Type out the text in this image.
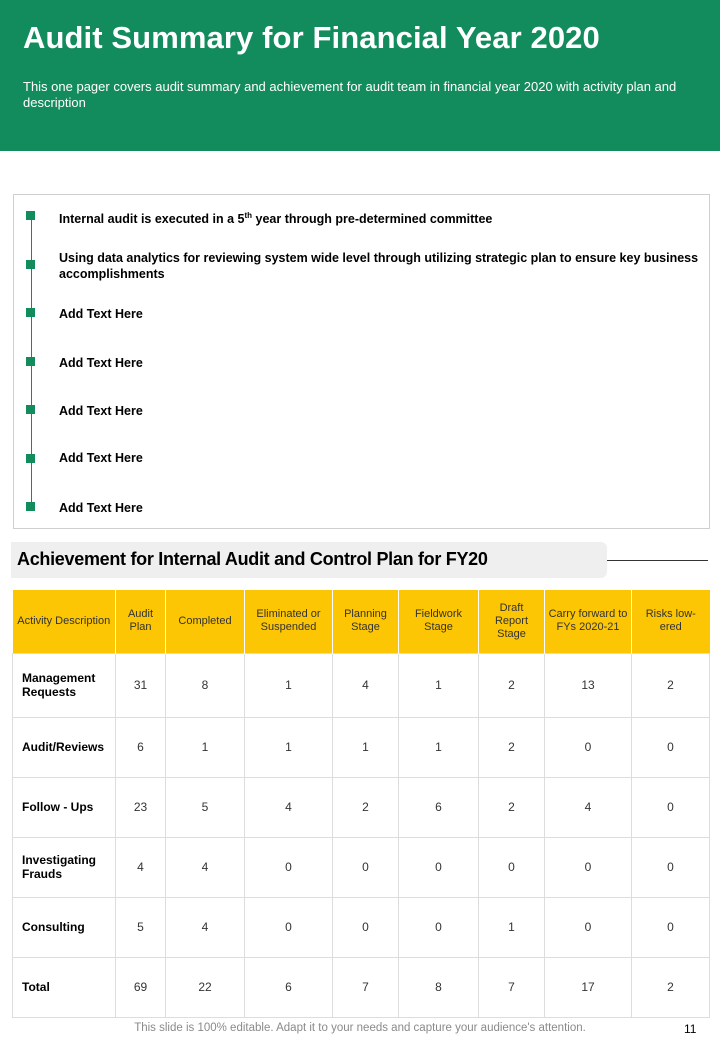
Audit Summary for Financial Year 2020
This one pager covers audit summary and achievement for audit team in financial year 2020 with activity plan and description
Internal audit is executed in a 5th year through pre-determined committee
Using data analytics for reviewing system wide level through utilizing strategic plan to ensure key business accomplishments
Add Text Here
Add Text Here
Add Text Here
Add Text Here
Add Text Here
Achievement for Internal Audit and Control Plan for FY20
Activity Description	Audit Plan	Completed	Eliminated or Suspended	Planning Stage	Fieldwork Stage	Draft Report Stage	Carry forward to FYs 2020-21	Risks low-ered
Management Requests	31	8	1	4	1	2	13	2
Audit/Reviews	6	1	1	1	1	2	0	0
Follow - Ups	23	5	4	2	6	2	4	0
Investigating Frauds	4	4	0	0	0	0	0	0
Consulting	5	4	0	0	0	1	0	0
Total	69	22	6	7	8	7	17	2
This slide is 100% editable. Adapt it to your needs and capture your audience's attention.	11
